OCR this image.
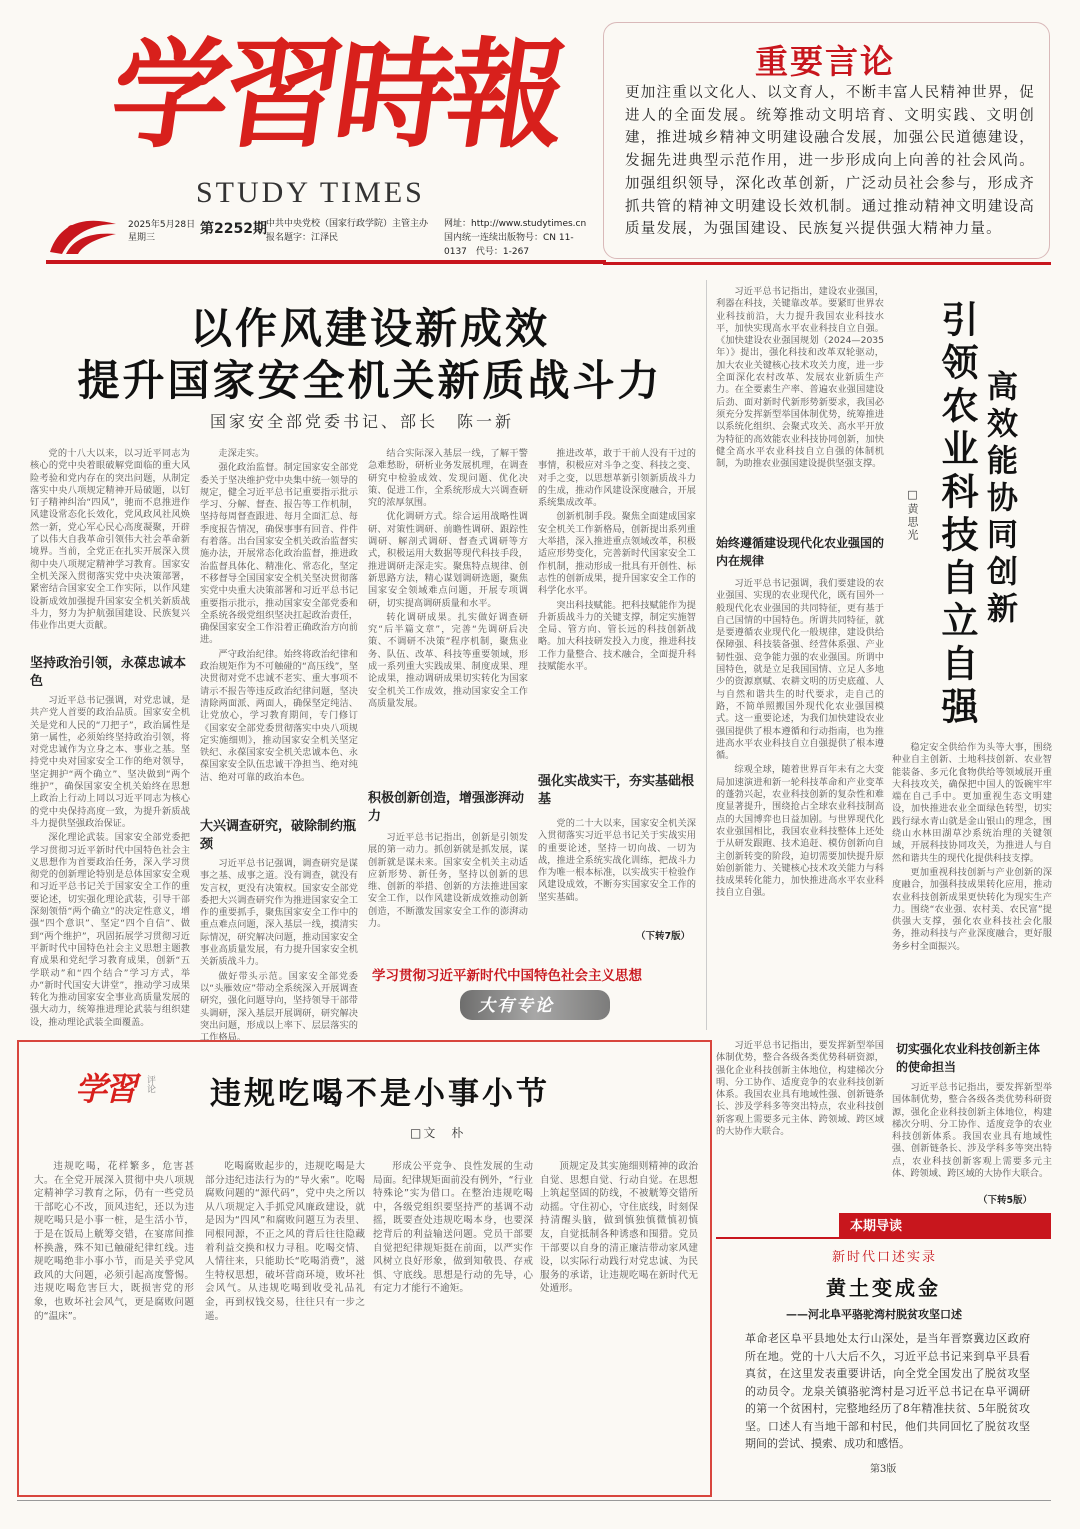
学習時報
STUDY TIMES
2025年5月28日
星期三
第2252期 中共中央党校（国家行政学院）主管主办
报名题字：江泽民
网址：http://www.studytimes.cn
国内统一连续出版物号：CN 11-0137　代号：1-267
重要言论
更加注重以文化人、以文育人，不断丰富人民精神世界，促进人的全面发展。统筹推动文明培育、文明实践、文明创建，推进城乡精神文明建设融合发展，加强公民道德建设，发掘先进典型示范作用，进一步形成向上向善的社会风尚。加强组织领导，深化改革创新，广泛动员社会参与，形成齐抓共管的精神文明建设长效机制。通过推动精神文明建设高质量发展，为强国建设、民族复兴提供强大精神力量。
以作风建设新成效
提升国家安全机关新质战斗力
国家安全部党委书记、部长　陈一新

党的十八大以来，以习近平同志为核心的党中央着眼破解党面临的重大风险考验和党内存在的突出问题，从制定落实中央八项规定精神开局破题，以钉钉子精神纠治“四风”，驰而不息推进作风建设常态化长效化，党风政风社风焕然一新，党心军心民心高度凝聚，开辟了以伟大自我革命引领伟大社会革命新境界。当前，全党正在扎实开展深入贯彻中央八项规定精神学习教育。国家安全机关深入贯彻落实党中央决策部署，紧密结合国家安全工作实际，以作风建设新成效加强提升国家安全机关新质战斗力，努力为护航强国建设、民族复兴伟业作出更大贡献。

坚持政治引领，永葆忠诚本色

习近平总书记强调，对党忠诚，是共产党人首要的政治品质。国家安全机关是党和人民的“刀把子”，政治属性是第一属性，必须始终坚持政治引领，将对党忠诚作为立身之本、事业之基。坚持党中央对国家安全工作的绝对领导，坚定拥护“两个确立”、坚决做到“两个维护”，确保国家安全机关始终在思想上政治上行动上同以习近平同志为核心的党中央保持高度一致，为提升新质战斗力提供坚强政治保证。

深化理论武装。国家安全部党委把学习贯彻习近平新时代中国特色社会主义思想作为首要政治任务，深入学习贯彻党的创新理论特别是总体国家安全观和习近平总书记关于国家安全工作的重要论述，切实强化理论武装，引导干部深刻领悟“两个确立”的决定性意义，增强“四个意识”、坚定“四个自信”、做到“两个维护”，巩固拓展学习贯彻习近平新时代中国特色社会主义思想主题教育成果和党纪学习教育成果，创新“五学联动”和“四个结合”学习方式，举办“新时代国安大讲堂”，推动学习成果转化为推动国家安全事业高质量发展的强大动力，统筹推进理论武装与组织建设，推动理论武装全面覆盖。

走深走实。

强化政治监督。制定国家安全部党委关于坚决维护党中央集中统一领导的规定，健全习近平总书记重要指示批示学习、分解、督查、报告等工作机制，坚持每周督查跟进、每月全面汇总、每季度报告情况，确保事事有回音、件件有着落。出台国家安全机关政治监督实施办法，开展常态化政治监督，推进政治监督具体化、精准化、常态化，坚定不移督导全国国家安全机关坚决贯彻落实党中央重大决策部署和习近平总书记重要指示批示，推动国家安全部党委和全系统各级党组织坚决扛起政治责任，确保国家安全工作沿着正确政治方向前进。

严守政治纪律。始终将政治纪律和政治规矩作为不可触碰的“高压线”，坚决贯彻对党不忠诚不老实、重大事项不请示不报告等违反政治纪律问题，坚决清除两面派、两面人，确保坚定纯洁、让党放心，学习教育期间，专门修订《国家安全部党委贯彻落实中央八项规定实施细则》，推动国家安全机关坚定铁纪、永葆国家安全机关忠诚本色、永葆国家安全队伍忠诚干净担当、绝对纯洁、绝对可靠的政治本色。

大兴调查研究，破除制约瓶颈

习近平总书记强调，调查研究是谋事之基、成事之道。没有调查，就没有发言权，更没有决策权。国家安全部党委把大兴调查研究作为推进国家安全工作的重要抓手，聚焦国家安全工作中的重点难点问题，深入基层一线，摸清实际情况，研究解决问题，推动国家安全事业高质量发展，有力提升国家安全机关新质战斗力。

做好带头示范。国家安全部党委以“头雁效应”带动全系统深入开展调查研究，强化问题导向，坚持领导干部带头调研，深入基层开展调研，研究解决突出问题，形成以上率下、层层落实的工作格局。

结合实际深入基层一线，了解干警急难愁盼，研析业务发展机理，在调查研究中检验成效、发现问题、优化决策、促进工作，全系统形成大兴调查研究的浓厚氛围。

优化调研方式。综合运用战略性调研、对策性调研、前瞻性调研、跟踪性调研、解剖式调研、督查式调研等方式，积极运用大数据等现代科技手段，推进调研走深走实。聚焦特点规律、创新思路方法，精心谋划调研选题，聚焦国家安全领域难点问题，开展专项调研，切实提高调研质量和水平。

转化调研成果。扎实做好调查研究“后半篇文章”，完善“先调研后决策、不调研不决策”程序机制，聚焦业务、队伍、改革、科技等重要领域，形成一系列重大实践成果、制度成果、理论成果，推动调研成果切实转化为国家安全机关工作成效，推动国家安全工作高质量发展。

积极创新创造，增强澎湃动力

习近平总书记指出，创新是引领发展的第一动力。抓创新就是抓发展，谋创新就是谋未来。国家安全机关主动适应新形势、新任务，坚持以创新的思维、创新的举措、创新的方法推进国家安全工作，以作风建设新成效推动创新创造，不断激发国家安全工作的澎湃动力。

推进改革，敢于干前人没有干过的事情，积极应对斗争之变、科技之变、对手之变，以思想革新引领新质战斗力的生成，推动作风建设深度融合，开展系统集成改革。

创新机制手段。聚焦全面建成国家安全机关工作新格局，创新提出系列重大举措，深入推进重点领域改革，积极适应形势变化，完善新时代国家安全工作机制，推动形成一批具有开创性、标志性的创新成果，提升国家安全工作的科学化水平。

突出科技赋能。把科技赋能作为提升新质战斗力的关键支撑，制定实施智全局、管方向、管长远的科技创新战略。加大科技研发投入力度，推进科技工作力量整合、技术融合，全面提升科技赋能水平。

强化实战实干，夯实基础根基

党的二十大以来，国家安全机关深入贯彻落实习近平总书记关于实战实用的重要论述，坚持一切向战、一切为战，推进全系统实战化训练，把战斗力作为唯一根本标准，以实战实干检验作风建设成效，不断夯实国家安全工作的坚实基础。

（下转7版）
学习贯彻习近平新时代中国特色社会主义思想
大有专论

习近平总书记指出，建设农业强国，利器在科技，关键靠改革。要紧盯世界农业科技前沿，大力提升我国农业科技水平，加快实现高水平农业科技自立自强。《加快建设农业强国规划（2024—2035年）》提出，强化科技和改革双轮驱动，加大农业关键核心技术攻关力度，进一步全面深化农村改革、发展农业新质生产力。在全要素生产率、普遍农业强国建设后劲、面对新时代新形势新要求，我国必须充分发挥新型举国体制优势，统筹推进以系统化组织、会聚式攻关、高水平开放为特征的高效能农业科技协同创新，加快健全高水平农业科技自立自强的体制机制，为助推农业强国建设提供坚强支撑。

始终遵循建设现代化农业强国的内在规律

习近平总书记强调，我们要建设的农业强国、实现的农业现代化，既有国外一般现代化农业强国的共同特征，更有基于自己国情的中国特色。所谓共同特征，就是要遵循农业现代化一般规律，建设供给保障强、科技装备强、经营体系强、产业韧性强、竞争能力强的农业强国。所谓中国特色，就是立足我国国情、立足人多地少的资源禀赋、农耕文明的历史底蕴、人与自然和谐共生的时代要求，走自己的路，不简单照搬国外现代化农业强国模式。这一重要论述，为我们加快建设农业强国提供了根本遵循和行动指南，也为推进高水平农业科技自立自强提供了根本遵循。

综观全球，随着世界百年未有之大变局加速演进和新一轮科技革命和产业变革的蓬勃兴起，农业科技创新的复杂性和难度显著提升，围绕抢占全球农业科技制高点的大国博弈也日益加剧。与世界现代化农业强国相比，我国农业科技整体上还处于从研发跟跑、技术追赶、模仿创新向自主创新转变的阶段，迫切需要加快提升原始创新能力、关键核心技术攻关能力与科技成果转化能力，加快推进高水平农业科技自立自强。

引领农业科技自立自强 高效能协同创新
□黄思光

稳定安全供给作为头等大事，围绕种业自主创新、土地科技创新、农业智能装备、多元化食物供给等领域展开重大科技攻关，确保把中国人的饭碗牢牢端在自己手中。更加重视生态文明建设，加快推进农业全面绿色转型，切实践行绿水青山就是金山银山的理念，围绕山水林田湖草沙系统治理的关键领域，开展科技协同攻关，为推进人与自然和谐共生的现代化提供科技支撑。

更加重视科技创新与产业创新的深度融合，加强科技成果转化应用，推动农业科技创新成果更快转化为现实生产力。围绕“农业强、农村美、农民富”提供强大支撑，强化农业科技社会化服务，推动科技与产业深度融合，更好服务乡村全面振兴。

切实强化农业科技创新主体的使命担当

习近平总书记指出，要发挥新型举国体制优势，整合各级各类优势科研资源，强化企业科技创新主体地位，构建梯次分明、分工协作、适度竞争的农业科技创新体系。我国农业具有地域性强、创新链条长、涉及学科多等突出特点，农业科技创新客观上需要多元主体、跨领域、跨区域的大协作大联合。

习近平总书记指出，要发挥新型举国体制优势，整合各级各类优势科研资源，强化企业科技创新主体地位，构建梯次分明、分工协作、适度竞争的农业科技创新体系。我国农业具有地域性强、创新链条长、涉及学科多等突出特点，农业科技创新客观上需要多元主体、跨领域、跨区域的大协作大联合。

（下转5版）
学習 评论 违规吃喝不是小事小节
□文　朴

违规吃喝，花样繁多，危害甚大。在全党开展深入贯彻中央八项规定精神学习教育之际，仍有一些党员干部吃心不改，顶风违纪，还以为违规吃喝只是小事一桩，是生活小节，于是在饭局上觥筹交错，在宴席间推杯换盏，殊不知已触碰纪律红线。违规吃喝绝非小事小节，而是关乎党风政风的大问题，必须引起高度警惕。违规吃喝危害巨大，既损害党的形象，也败坏社会风气，更是腐败问题的“温床”。

吃喝腐败起步的，违规吃喝是大部分违纪违法行为的“导火索”。吃喝腐败问题的“源代码”，党中央之所以从八项规定入手抓党风廉政建设，就是因为“四风”和腐败问题互为表里、同根同源，不正之风的背后往往隐藏着利益交换和权力寻租。吃喝交情、人情往来，只能助长“吃喝消费”，滋生特权思想，破坏营商环境，败坏社会风气。从违规吃喝到收受礼品礼金，再到权钱交易，往往只有一步之遥。

形成公平竞争、良性发展的生动局面。纪律规矩面前没有例外，“行业特殊论”实为借口。在整治违规吃喝中，各级党组织要坚持严的基调不动摇，既要查处违规吃喝本身，也要深挖背后的利益输送问题。党员干部要自觉把纪律规矩挺在前面，以严实作风树立良好形象，做到知敬畏、存戒惧、守底线。思想是行动的先导，心有定力才能行不逾矩。

顶规定及其实施细则精神的政治自觉、思想自觉、行动自觉。在思想上筑起坚固的防线，不被觥筹交错所动摇。守住初心，守住底线，时刻保持清醒头脑，做到慎独慎微慎初慎友，自觉抵制各种诱惑和围猎。党员干部要以自身的清正廉洁带动家风建设，以实际行动践行对党忠诚、为民服务的承诺，让违规吃喝在新时代无处遁形。

本期导读
新时代口述实录
黄土变成金
——河北阜平骆驼湾村脱贫攻坚口述
革命老区阜平县地处太行山深处，是当年晋察冀边区政府所在地。党的十八大后不久，习近平总书记来到阜平县看真贫，在这里发表重要讲话，向全党全国发出了脱贫攻坚的动员令。龙泉关镇骆驼湾村是习近平总书记在阜平调研的第一个贫困村，完整地经历了8年精准扶贫、5年脱贫攻坚。口述人有当地干部和村民，他们共同回忆了脱贫攻坚期间的尝试、摸索、成功和感悟。
第3版
